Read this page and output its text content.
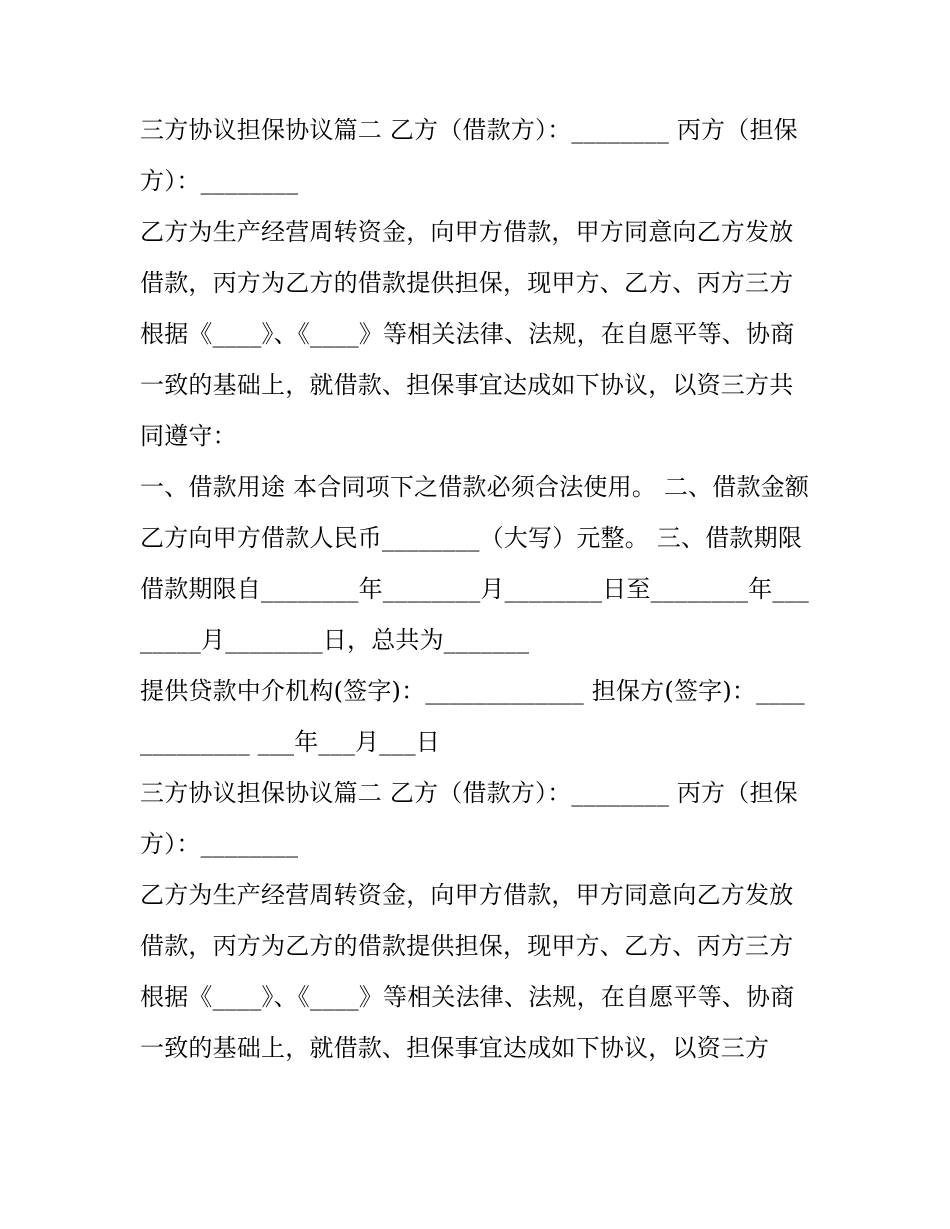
三方协议担保协议篇二 乙方（借款方）：________ 丙方（担保方）：________

乙方为生产经营周转资金，向甲方借款，甲方同意向乙方发放借款，丙方为乙方的借款提供担保，现甲方、乙方、丙方三方根据《____》、《____》等相关法律、法规，在自愿平等、协商一致的基础上，就借款、担保事宜达成如下协议，以资三方共同遵守：

一、借款用途 本合同项下之借款必须合法使用。 二、借款金额 乙方向甲方借款人民币________（大写）元整。 三、借款期限

借款期限自________年________月________日至________年________月________日，总共为_______

提供贷款中介机构(签字)：_____________ 担保方(签字)：_____________ ___年___月___日

三方协议担保协议篇二 乙方（借款方）：________ 丙方（担保方）：________

乙方为生产经营周转资金，向甲方借款，甲方同意向乙方发放借款，丙方为乙方的借款提供担保，现甲方、乙方、丙方三方根据《____》、《____》等相关法律、法规，在自愿平等、协商一致的基础上，就借款、担保事宜达成如下协议，以资三方
